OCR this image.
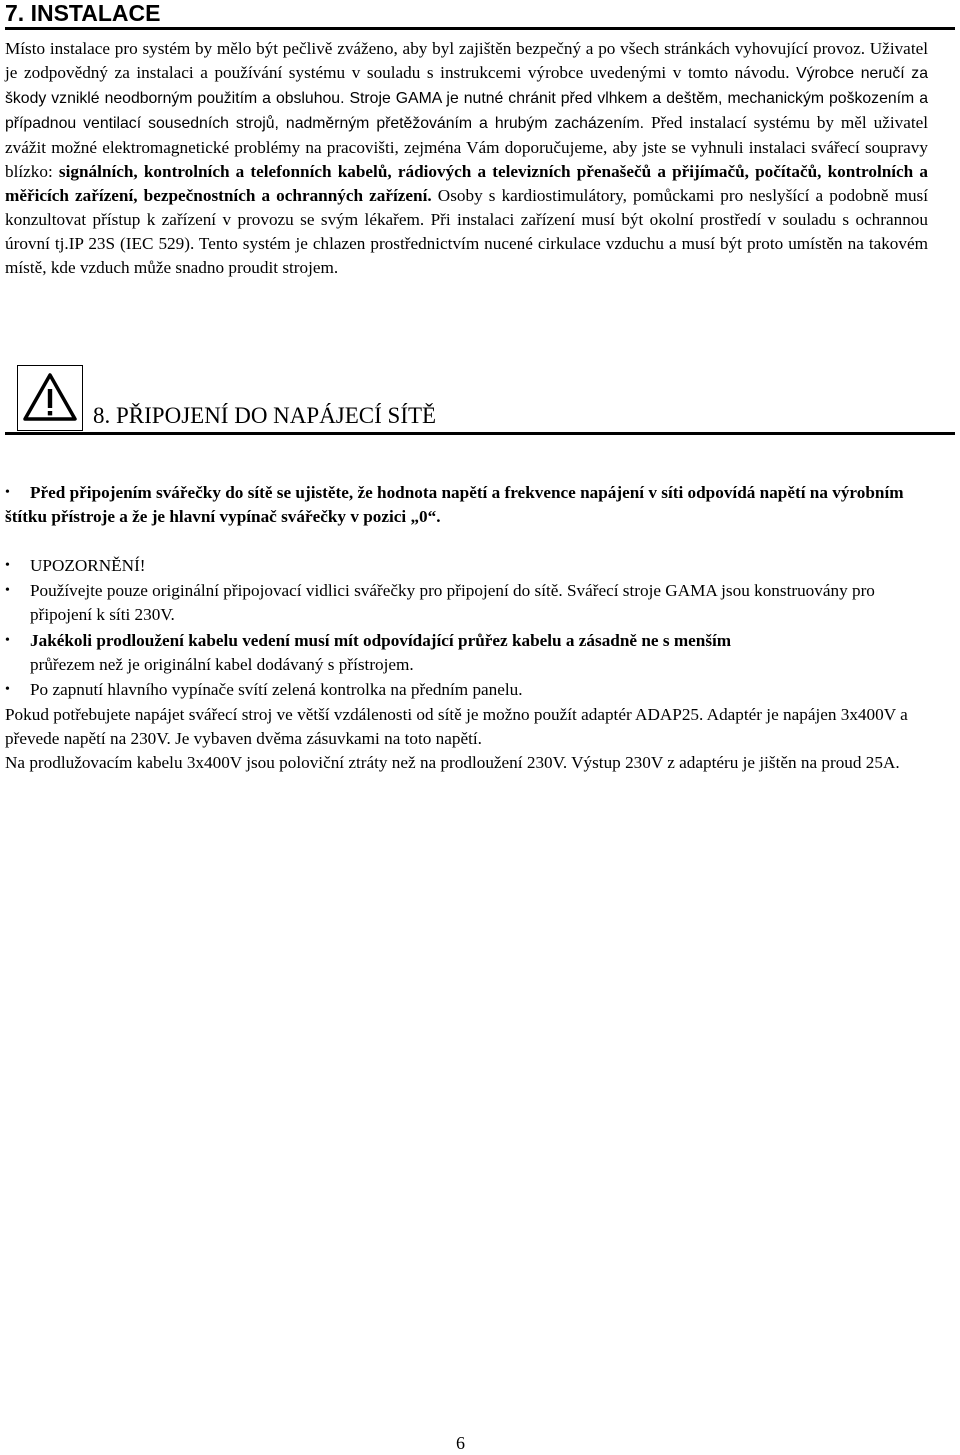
7. INSTALACE

Místo instalace pro systém by mělo být pečlivě zváženo, aby byl zajištěn bezpečný a po všech stránkách vyhovující provoz. Uživatel je zodpovědný za instalaci a používání systému v souladu s instrukcemi výrobce uvedenými v tomto návodu. Výrobce neručí za škody vzniklé neodborným použitím a obsluhou. Stroje GAMA je nutné chránit před vlhkem a deštěm, mechanickým poškozením a případnou ventilací sousedních strojů, nadměrným přetěžováním a hrubým zacházením. Před instalací systému by měl uživatel zvážit možné elektromagnetické problémy na pracovišti, zejména Vám doporučujeme, aby jste se vyhnuli instalaci svářecí soupravy blízko: signálních, kontrolních a telefonních kabelů, rádiových a televizních přenašečů a přijímačů, počítačů, kontrolních a měřicích zařízení, bezpečnostních a ochranných zařízení. Osoby s kardiostimulátory, pomůckami pro neslyšící a podobně musí konzultovat přístup k zařízení v provozu se svým lékařem. Při instalaci zařízení musí být okolní prostředí v souladu s ochrannou úrovní tj.IP 23S (IEC 529). Tento systém je chlazen prostřednictvím nucené cirkulace vzduchu a musí být proto umístěn na takovém místě, kde vzduch může snadno proudit strojem.

8. PŘIPOJENÍ DO NAPÁJECÍ SÍTĚ
•	Před připojením svářečky do sítě se ujistěte, že hodnota napětí a frekvence napájení v síti odpovídá napětí na výrobním štítku přístroje a že je hlavní vypínač svářečky v pozici „0“.

• UPOZORNĚNÍ!

• Používejte pouze originální připojovací vidlici svářečky pro připojení do sítě. Svářecí stroje GAMA jsou konstruovány pro připojení k síti 230V.

• Jakékoli prodloužení kabelu vedení musí mít odpovídající průřez kabelu a zásadně ne s menším
průřezem než je originální kabel dodávaný s přístrojem.

• Po zapnutí hlavního vypínače svítí zelená kontrolka na předním panelu.

Pokud potřebujete napájet svářecí stroj ve větší vzdálenosti od sítě je možno použít adaptér ADAP25. Adaptér je napájen 3x400V a převede napětí na 230V. Je vybaven dvěma zásuvkami na toto napětí.

Na prodlužovacím kabelu 3x400V jsou poloviční ztráty než na prodloužení 230V. Výstup 230V z adaptéru je jištěn na proud 25A.

6
